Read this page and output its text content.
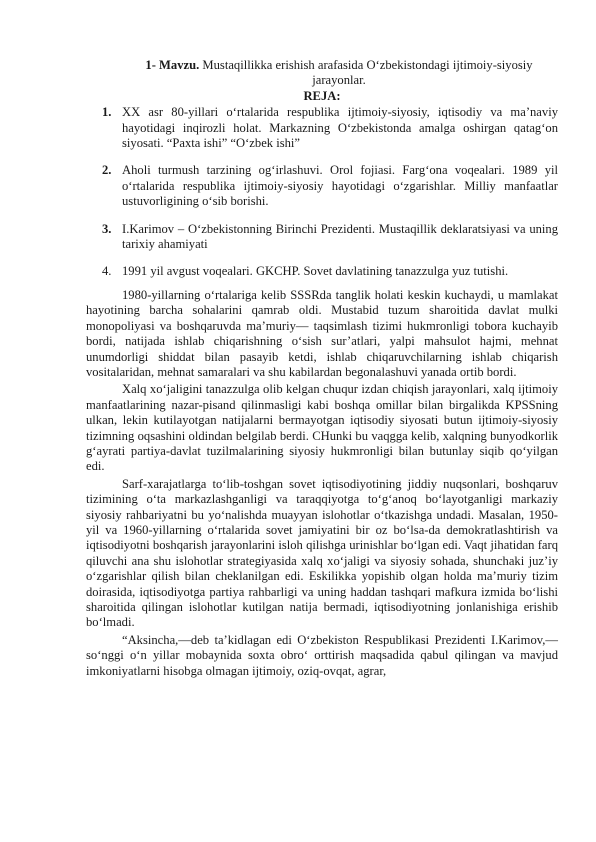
1- Mavzu. Mustaqillikka erishish arafasida O‘zbekistondagi ijtimoiy-siyosiy jarayonlar.
REJA:
1. XX asr 80-yillari o‘rtalarida respublika ijtimoiy-siyosiy, iqtisodiy va ma’naviy hayotidagi inqirozli holat. Markazning O‘zbekistonda amalga oshirgan qatag‘on siyosati. “Paxta ishi” “O‘zbek ishi”
2. Aholi turmush tarzining og‘irlashuvi. Orol fojiasi. Farg‘ona voqealari. 1989 yil o‘rtalarida respublika ijtimoiy-siyosiy hayotidagi o‘zgarishlar. Milliy manfaatlar ustuvorligining o‘sib borishi.
3. I.Karimov – O‘zbekistonning Birinchi Prezidenti. Mustaqillik deklaratsiyasi va uning tarixiy ahamiyati
4. 1991 yil avgust voqealari. GKCHP. Sovet davlatining tanazzulga yuz tutishi.

1980-yillarning o‘rtalariga kelib SSSRda tanglik holati keskin kuchaydi, u mamlakat hayotining barcha sohalarini qamrab oldi. Mustabid tuzum sharoitida davlat mulki monopoliyasi va boshqaruvda ma’muriy— taqsimlash tizimi hukmronligi tobora kuchayib bordi, natijada ishlab chiqarishning o‘sish sur’atlari, yalpi mahsulot hajmi, mehnat unumdorligi shiddat bilan pasayib ketdi, ishlab chiqaruvchilarning ishlab chiqarish vositalaridan, mehnat samaralari va shu kabilardan begonalashuvi yanada ortib bordi.

Xalq xo‘jaligini tanazzulga olib kelgan chuqur izdan chiqish jarayonlari, xalq ijtimoiy manfaatlarining nazar-pisand qilinmasligi kabi boshqa omillar bilan birgalikda KPSSning ulkan, lekin kutilayotgan natijalarni bermayotgan iqtisodiy siyosati butun ijtimoiy-siyosiy tizimning oqsashini oldindan belgilab berdi. CHunki bu vaqgga kelib, xalqning bunyodkorlik g‘ayrati partiya-davlat tuzilmalarining siyosiy hukmronligi bilan butunlay siqib qo‘yilgan edi.

Sarf-xarajatlarga to‘lib-toshgan sovet iqtisodiyotining jiddiy nuqsonlari, boshqaruv tizimining o‘ta markazlashganligi va taraqqiyotga to‘g‘anoq bo‘layotganligi markaziy siyosiy rahbariyatni bu yo‘nalishda muayyan islohotlar o‘tkazishga undadi. Masalan, 1950-yil va 1960-yillarning o‘rtalarida sovet jamiyatini bir oz bo‘lsa-da demokratlashtirish va iqtisodiyotni boshqarish jarayonlarini isloh qilishga urinishlar bo‘lgan edi. Vaqt jihatidan farq qiluvchi ana shu islohotlar strategiyasida xalq xo‘jaligi va siyosiy sohada, shunchaki juz’iy o‘zgarishlar qilish bilan cheklanilgan edi. Eskilikka yopishib olgan holda ma’muriy tizim doirasida, iqtisodiyotga partiya rahbarligi va uning haddan tashqari mafkura izmida bo‘lishi sharoitida qilingan islohotlar kutilgan natija bermadi, iqtisodiyotning jonlanishiga erishib bo‘lmadi.

“Aksincha,—deb ta’kidlagan edi O‘zbekiston Respublikasi Prezidenti I.Karimov,— so‘nggi o‘n yillar mobaynida soxta obro‘ orttirish maqsadida qabul qilingan va mavjud imkoniyatlarni hisobga olmagan ijtimoiy, oziq-ovqat, agrar,
